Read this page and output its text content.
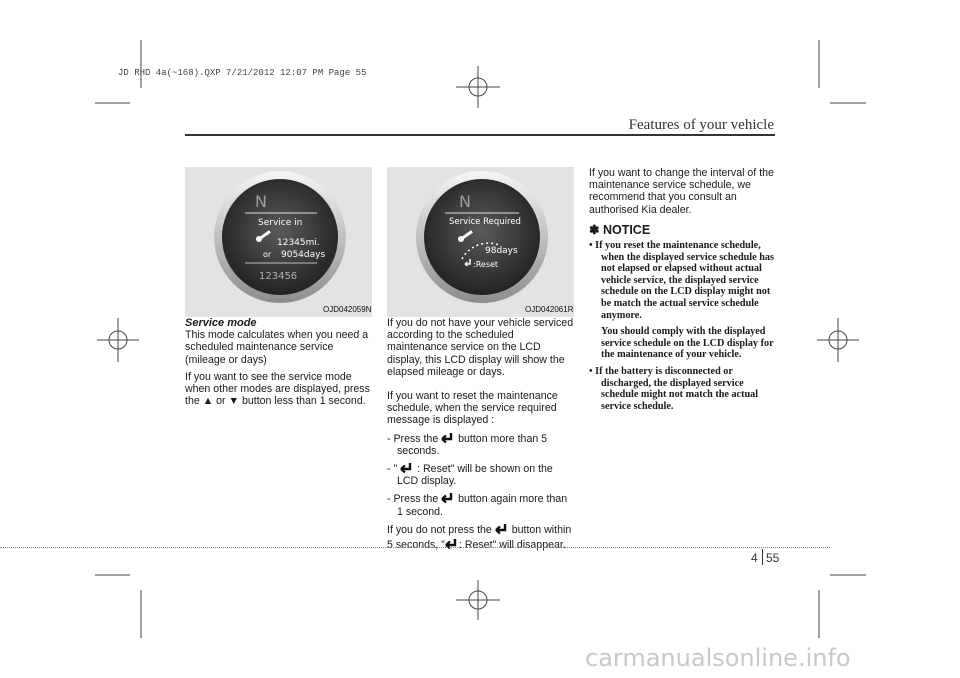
JD RHD 4a(~168).QXP 7/21/2012 12:07 PM Page 55
Features of your vehicle
N
Service in
12345mi.
or 9054days
123456
OJD042059N
N
Service Required
98days
:Reset
OJD042061R
Service mode

This mode calculates when you need a scheduled maintenance service (mileage or days)

If you want to see the service mode when other modes are displayed, press the ▲ or ▼ button less than 1 second.

If you do not have your vehicle serviced according to the scheduled maintenance service on the LCD display, this LCD display will show the elapsed mileage or days.

If you want to reset the maintenance schedule, when the service required message is displayed :

- Press the button more than 5 seconds.

- " : Reset" will be shown on the LCD display.

- Press the button again more than 1 second.

If you do not press the button within 5 seconds, " : Reset" will disappear.

If you want to change the interval of the maintenance service schedule, we recommend that you consult an authorised Kia dealer.

✽ NOTICE

• If you reset the maintenance schedule, when the displayed service schedule has not elapsed or elapsed without actual vehicle service, the displayed service schedule on the LCD display might not be match the actual service schedule anymore.

You should comply with the displayed service schedule on the LCD display for the maintenance of your vehicle.

• If the battery is disconnected or discharged, the displayed service schedule might not match the actual service schedule.

4 55
carmanualsonline.info
